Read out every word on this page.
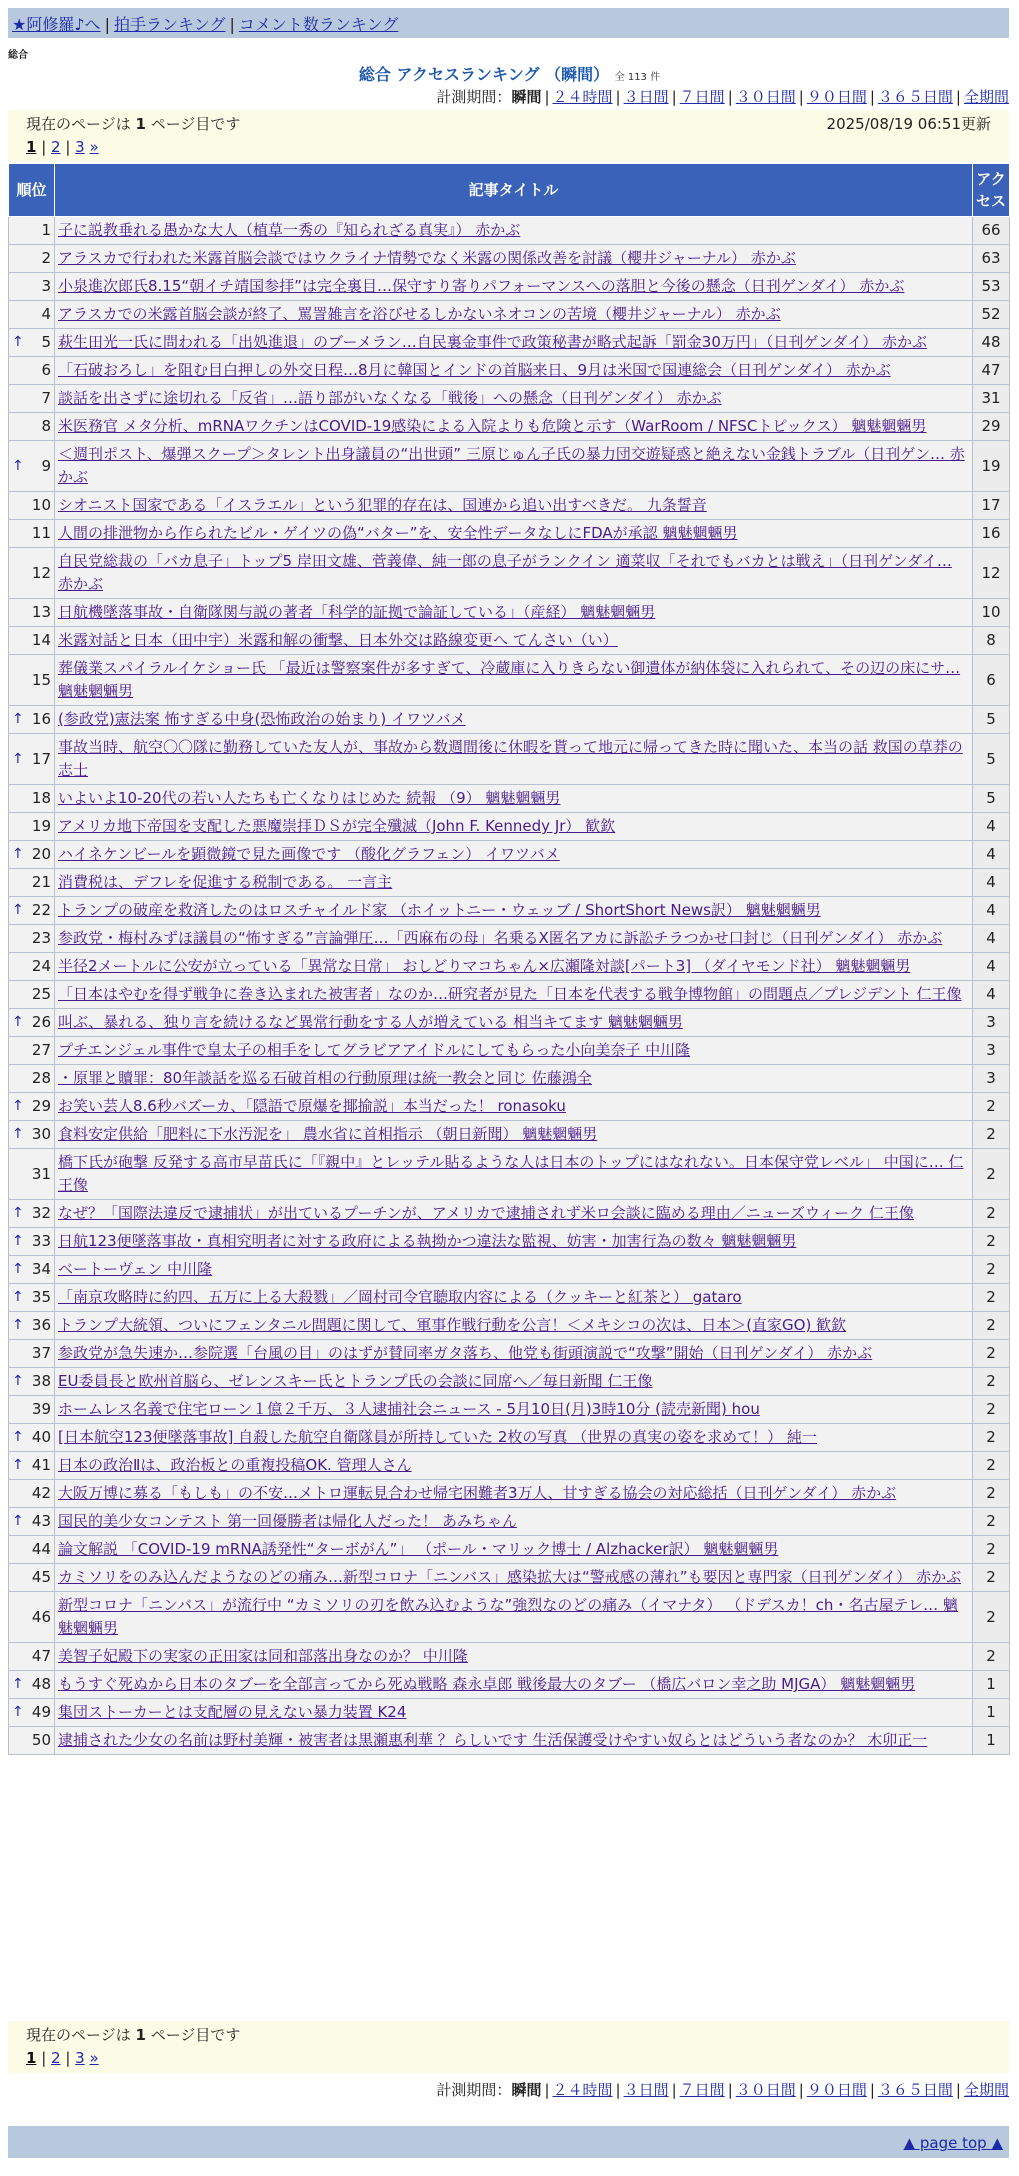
★阿修羅♪へ | 拍手ランキング | コメント数ランキング
総合
総合 アクセスランキング （瞬間） 全 113 件
計測期間：瞬間 | ２４時間 | ３日間 | ７日間 | ３０日間 | ９０日間 | ３６５日間 | 全期間
現在のページは 1 ページ目です	2025/08/19 06:51更新
1 | 2 | 3 »
順位	記事タイトル	アクセス
1	子に説教垂れる愚かな大人（植草一秀の『知られざる真実』） 赤かぶ	66
2	アラスカで行われた米露首脳会談ではウクライナ情勢でなく米露の関係改善を討議（櫻井ジャーナル） 赤かぶ	63
3	小泉進次郎氏8.15“朝イチ靖国参拝”は完全裏目…保守すり寄りパフォーマンスへの落胆と今後の懸念（日刊ゲンダイ） 赤かぶ	53
4	アラスカでの米露首脳会談が終了、罵詈雑言を浴びせるしかないネオコンの苦境（櫻井ジャーナル） 赤かぶ	52

↑ 5	萩生田光一氏に問われる「出処進退」のブーメラン…自民裏金事件で政策秘書が略式起訴「罰金30万円」（日刊ゲンダイ） 赤かぶ	48
6	「石破おろし」を阻む目白押しの外交日程…8月に韓国とインドの首脳来日、9月は米国で国連総会（日刊ゲンダイ） 赤かぶ	47
7	談話を出さずに途切れる「反省」…語り部がいなくなる「戦後」への懸念（日刊ゲンダイ） 赤かぶ	31
8	米医務官 メタ分析、mRNAワクチンはCOVID-19感染による入院よりも危険と示す（WarRoom / NFSCトピックス） 魑魅魍魎男	29

↑ 9	＜週刊ポスト、爆弾スクープ＞タレント出身議員の“出世頭” 三原じゅん子氏の暴力団交遊疑惑と絶えない金銭トラブル（日刊ゲン… 赤かぶ	19
10	シオニスト国家である「イスラエル」という犯罪的存在は、国連から追い出すべきだ。 九条誓音	17
11	人間の排泄物から作られたビル・ゲイツの偽“バター”を、安全性データなしにFDAが承認 魑魅魍魎男	16
12	自民党総裁の「バカ息子」トップ5 岸田文雄、菅義偉、純一郎の息子がランクイン 適菜収「それでもバカとは戦え」（日刊ゲンダイ… 赤かぶ	12
13	日航機墜落事故・自衛隊関与説の著者「科学的証拠で論証している」（産経） 魑魅魍魎男	10
14	米露対話と日本（田中宇）米露和解の衝撃、日本外交は路線変更へ てんさい（い）	8
15	葬儀業スパイラルイケショー氏 「最近は警察案件が多すぎて、冷蔵庫に入りきらない御遺体が納体袋に入れられて、その辺の床にサ… 魑魅魍魎男	6

↑ 16	(参政党)憲法案 怖すぎる中身(恐怖政治の始まり) イワツバメ	5

↑ 17	事故当時、航空〇〇隊に勤務していた友人が、事故から数週間後に休暇を貰って地元に帰ってきた時に聞いた、本当の話 救国の草莽の志士	5
18	いよいよ10-20代の若い人たちも亡くなりはじめた 続報 （9） 魑魅魍魎男	5
19	アメリカ地下帝国を支配した悪魔崇拝ＤＳが完全殲滅（John F. Kennedy Jr） 歓欽	4

↑ 20	ハイネケンビールを顕微鏡で見た画像です （酸化グラフェン） イワツバメ	4
21	消費税は、デフレを促進する税制である。 一言主	4

↑ 22	トランプの破産を救済したのはロスチャイルド家 （ホイットニー・ウェッブ / ShortShort News訳） 魑魅魍魎男	4
23	参政党・梅村みずほ議員の“怖すぎる”言論弾圧…「西麻布の母」名乗るX匿名アカに訴訟チラつかせ口封じ（日刊ゲンダイ） 赤かぶ	4
24	半径2メートルに公安が立っている「異常な日常」 おしどりマコちゃん×広瀬隆対談[パート3] （ダイヤモンド社） 魑魅魍魎男	4
25	「日本はやむを得ず戦争に巻き込まれた被害者」なのか…研究者が見た「日本を代表する戦争博物館」の問題点／プレジデント 仁王像	4

↑ 26	叫ぶ、暴れる、独り言を続けるなど異常行動をする人が増えている 相当キてます 魑魅魍魎男	3
27	プチエンジェル事件で皇太子の相手をしてグラビアアイドルにしてもらった小向美奈子 中川隆	3
28	・原罪と贖罪：80年談話を巡る石破首相の行動原理は統一教会と同じ 佐藤鴻全	3

↑ 29	お笑い芸人8.6秒バズーカ、「隠語で原爆を揶揄説」本当だった！ ronasoku	2

↑ 30	食料安定供給「肥料に下水汚泥を」 農水省に首相指示 （朝日新聞） 魑魅魍魎男	2
31	橋下氏が砲撃 反発する高市早苗氏に「『親中』とレッテル貼るような人は日本のトップにはなれない。日本保守党レベル」 中国に… 仁王像	2

↑ 32	なぜ？「国際法違反で逮捕状」が出ているプーチンが、アメリカで逮捕されず米ロ会談に臨める理由／ニューズウィーク 仁王像	2

↑ 33	日航123便墜落事故・真相究明者に対する政府による執拗かつ違法な監視、妨害・加害行為の数々 魑魅魍魎男	2

↑ 34	ベートーヴェン 中川隆	2

↑ 35	「南京攻略時に約四、五万に上る大殺戮」／岡村司令官聴取内容による（クッキーと紅茶と） gataro	2

↑ 36	トランプ大統領、ついにフェンタニル問題に関して、軍事作戦行動を公言！＜メキシコの次は、日本＞(直家GO) 歓欽	2
37	参政党が急失速か…参院選「台風の目」のはずが賛同率ガタ落ち、他党も街頭演説で“攻撃”開始（日刊ゲンダイ） 赤かぶ	2

↑ 38	EU委員長と欧州首脳ら、ゼレンスキー氏とトランプ氏の会談に同席へ／毎日新聞 仁王像	2
39	ホームレス名義で住宅ローン１億２千万、３人逮捕社会ニュース - 5月10日(月)3時10分 (読売新聞) hou	2

↑ 40	[日本航空123便墜落事故] 自殺した航空自衛隊員が所持していた 2枚の写真 （世界の真実の姿を求めて！） 純一	2

↑ 41	日本の政治Ⅱは、政治板との重複投稿OK. 管理人さん	2
42	大阪万博に募る「もしも」の不安…メトロ運転見合わせ帰宅困難者3万人、甘すぎる協会の対応総括（日刊ゲンダイ） 赤かぶ	2

↑ 43	国民的美少女コンテスト 第一回優勝者は帰化人だった！ あみちゃん	2
44	論文解説 「COVID-19 mRNA誘発性“ターボがん”」 （ポール・マリック博士 / Alzhacker訳） 魑魅魍魎男	2
45	カミソリをのみ込んだようなのどの痛み…新型コロナ「ニンバス」感染拡大は“警戒感の薄れ”も要因と専門家（日刊ゲンダイ） 赤かぶ	2
46	新型コロナ「ニンバス」が流行中 “カミソリの刃を飲み込むような”強烈なのどの痛み（イマナタ） （ドデスカ！ch・名古屋テレ… 魑魅魍魎男	2
47	美智子妃殿下の実家の正田家は同和部落出身なのか？ 中川隆	2

↑ 48	もうすぐ死ぬから日本のタブーを全部言ってから死ぬ戦略 森永卓郎 戦後最大のタブー （橋広バロン幸之助 MJGA） 魑魅魍魎男	1

↑ 49	集団ストーカーとは支配層の見えない暴力装置 K24	1
50	逮捕された少女の名前は野村美輝・被害者は黒瀬惠利華 ？らしいです 生活保護受けやすい奴らとはどういう者なのか？ 木卯正一	1
現在のページは 1 ページ目です
1 | 2 | 3 »
計測期間：瞬間 | ２４時間 | ３日間 | ７日間 | ３０日間 | ９０日間 | ３６５日間 | 全期間
▲ page top ▲
